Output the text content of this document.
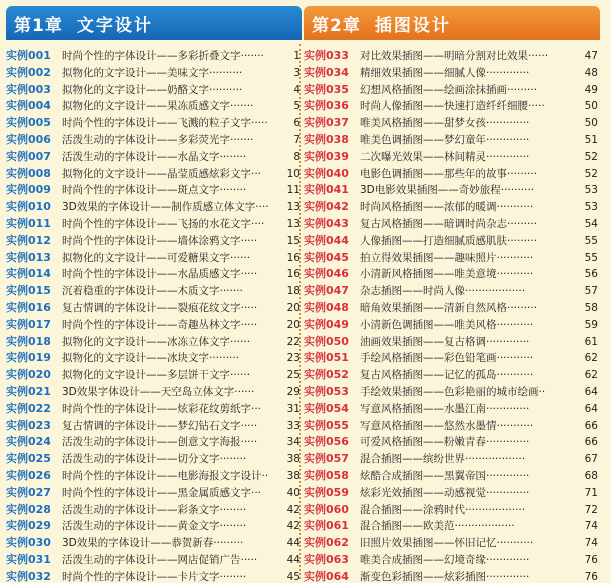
第1章 文字设计
实例001	时尚个性的字体设计——多彩折叠文字·······	1
实例002	拟物化的文字设计——美味文字··········	3
实例003	拟物化的文字设计——奶酪文字··········	4
实例004	拟物化的文字设计——果冻质感文字·······	5
实例005	时尚个性的字体设计——飞溅的粒子文字·····	6
实例006	活泼生动的字体设计——多彩荧光字·······	7
实例007	活泼生动的字体设计——水晶文字········	8
实例008	拟物化的文字设计——晶莹质感炫彩文字···	10
实例009	时尚个性的字体设计——斑点文字········	11
实例010	3D效果的字体设计——制作质感立体文字····	13
实例011	时尚个性的字体设计——飞扬的水花文字····	13
实例012	时尚个性的字体设计——墙体涂鸦文字·····	15
实例013	拟物化的文字设计——可爱糖果文字······	16
实例014	时尚个性的字体设计——水晶质感文字·····	16
实例015	沉着稳重的字体设计——木质文字·······	18
实例016	复古情调的字体设计——裂痕花纹文字·····	20
实例017	时尚个性的字体设计——奇趣丛林文字·····	20
实例018	拟物化的文字设计——冰冻立体文字······	22
实例019	拟物化的文字设计——冰块文字·········	23
实例020	拟物化的文字设计——多层饼干文字······	25
实例021	3D效果字体设计——天空岛立体文字······	29
实例022	时尚个性的字体设计——炫彩花纹剪纸字···	31
实例023	复古情调的字体设计——梦幻钻石文字·····	33
实例024	活泼生动的字体设计——创意文字海报·····	34
实例025	活泼生动的字体设计——切分文字········	38
实例026	时尚个性的字体设计——电影海报文字设计··	38
实例027	时尚个性的字体设计——黑金属质感文字···	40
实例028	活泼生动的字体设计——彩条文字········	42
实例029	活泼生动的字体设计——黄金文字········	42
实例030	3D效果的字体设计——恭贺新春·········	44
实例031	活泼生动的字体设计——网店促销广告·····	44
实例032	时尚个性的字体设计——卡片文字········	45
第2章 插图设计
实例033	对比效果插图——明暗分割对比效果······	47
实例034	精细效果插图——细腻人像·············	48
实例035	幻想风格插图——绘画涂抹插画·········	49
实例036	时尚人像插图——快速打造纤纤细腰·····	50
实例037	唯美风格插图——甜梦女孩·············	50
实例038	唯美色调插图——梦幻童年·············	51
实例039	二次曝光效果——林间精灵·············	52
实例040	电影色调插图——那些年的故事·········	52
实例041	3D电影效果插图——奇妙旅程··········	53
实例042	时尚风格插图——浓郁的暖调···········	53
实例043	复古风格插图——暗调时尚杂志·········	54
实例044	人像插图——打造细腻质感肌肤·········	55
实例045	拍立得效果插图——趣味照片···········	55
实例046	小清新风格插图——唯美意境···········	56
实例047	杂志插图——时尚人像··················	57
实例048	暗角效果插图——清新自然风格·········	58
实例049	小清新色调插图——唯美风格···········	59
实例050	油画效果插图——复古格调·············	61
实例051	手绘风格插图——彩色铅笔画···········	62
实例052	复古风格插图——记忆的孤岛···········	62
实例053	手绘效果插图——色彩艳丽的城市绘画··	64
实例054	写意风格插图——水墨江南·············	64
实例055	写意风格插图——悠然水墨情···········	66
实例056	可爱风格插图——粉嫩青春·············	66
实例057	混合插图——缤纷世界··················	67
实例058	炫酷合成插图——黑翼帝国·············	68
实例059	炫彩光效插图——动感视觉·············	71
实例060	混合插图——涂鸦时代··················	72
实例061	混合插图——欧美范··················	74
实例062	旧照片效果插图——怀旧记忆···········	74
实例063	唯美合成插图——幻境奇缘·············	76
实例064	渐变色彩插图——炫彩插图·············	76
